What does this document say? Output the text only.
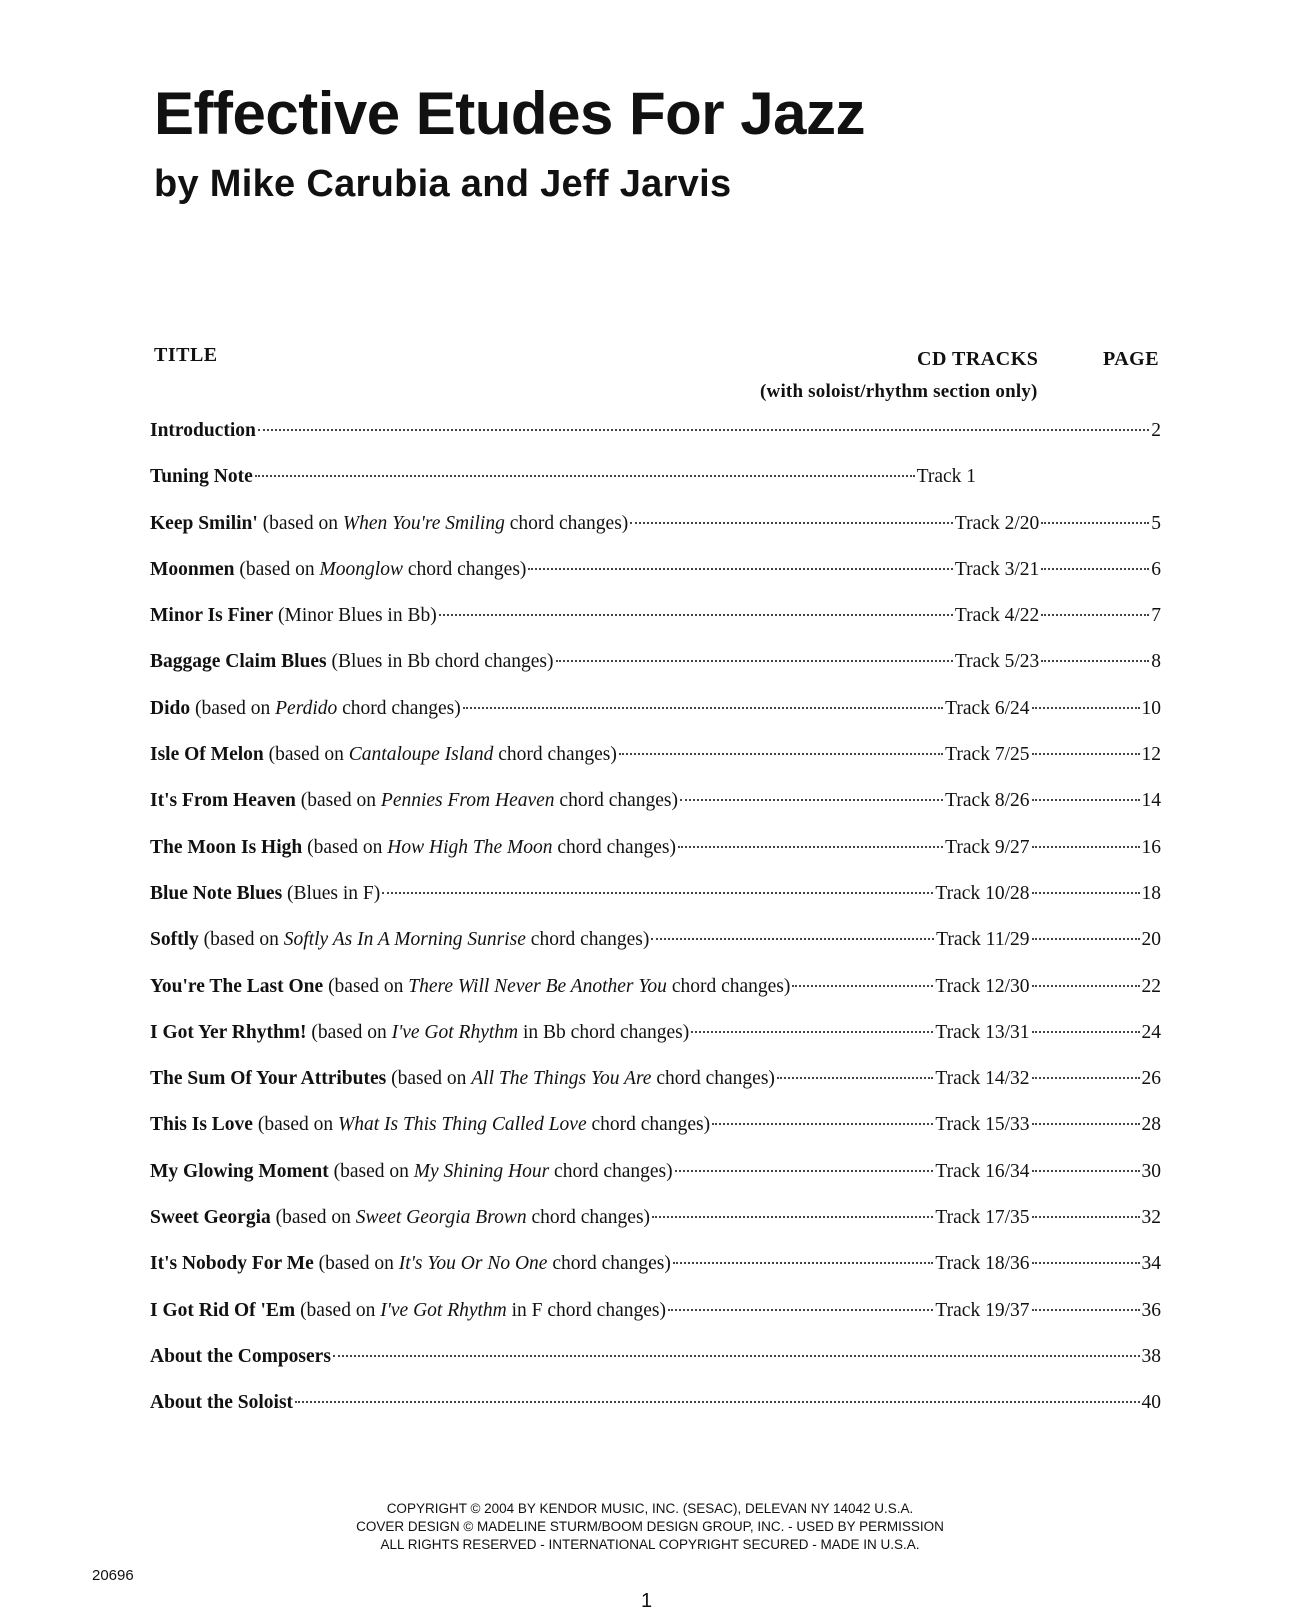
Effective Etudes For Jazz
by Mike Carubia and Jeff Jarvis
TITLE	CD TRACKS	PAGE
(with soloist/rhythm section only)
Introduction	2
Tuning Note	Track 1
Keep Smilin' (based on When You're Smiling chord changes)	Track 2/20	5
Moonmen (based on Moonglow chord changes)	Track 3/21	6
Minor Is Finer (Minor Blues in Bb)	Track 4/22	7
Baggage Claim Blues (Blues in Bb chord changes)	Track 5/23	8
Dido (based on Perdido chord changes)	Track 6/24	10
Isle Of Melon (based on Cantaloupe Island chord changes)	Track 7/25	12
It's From Heaven (based on Pennies From Heaven chord changes)	Track 8/26	14
The Moon Is High (based on How High The Moon chord changes)	Track 9/27	16
Blue Note Blues (Blues in F)	Track 10/28	18
Softly (based on Softly As In A Morning Sunrise chord changes)	Track 11/29	20
You're The Last One (based on There Will Never Be Another You chord changes)	Track 12/30	22
I Got Yer Rhythm! (based on I've Got Rhythm in Bb chord changes)	Track 13/31	24
The Sum Of Your Attributes (based on All The Things You Are chord changes)	Track 14/32	26
This Is Love (based on What Is This Thing Called Love chord changes)	Track 15/33	28
My Glowing Moment (based on My Shining Hour chord changes)	Track 16/34	30
Sweet Georgia (based on Sweet Georgia Brown chord changes)	Track 17/35	32
It's Nobody For Me (based on It's You Or No One chord changes)	Track 18/36	34
I Got Rid Of 'Em (based on I've Got Rhythm in F chord changes)	Track 19/37	36
About the Composers	38
About the Soloist	40
COPYRIGHT © 2004 BY KENDOR MUSIC, INC. (SESAC), DELEVAN NY 14042 U.S.A.
COVER DESIGN © MADELINE STURM/BOOM DESIGN GROUP, INC. - USED BY PERMISSION
ALL RIGHTS RESERVED - INTERNATIONAL COPYRIGHT SECURED - MADE IN U.S.A.
20696
1
